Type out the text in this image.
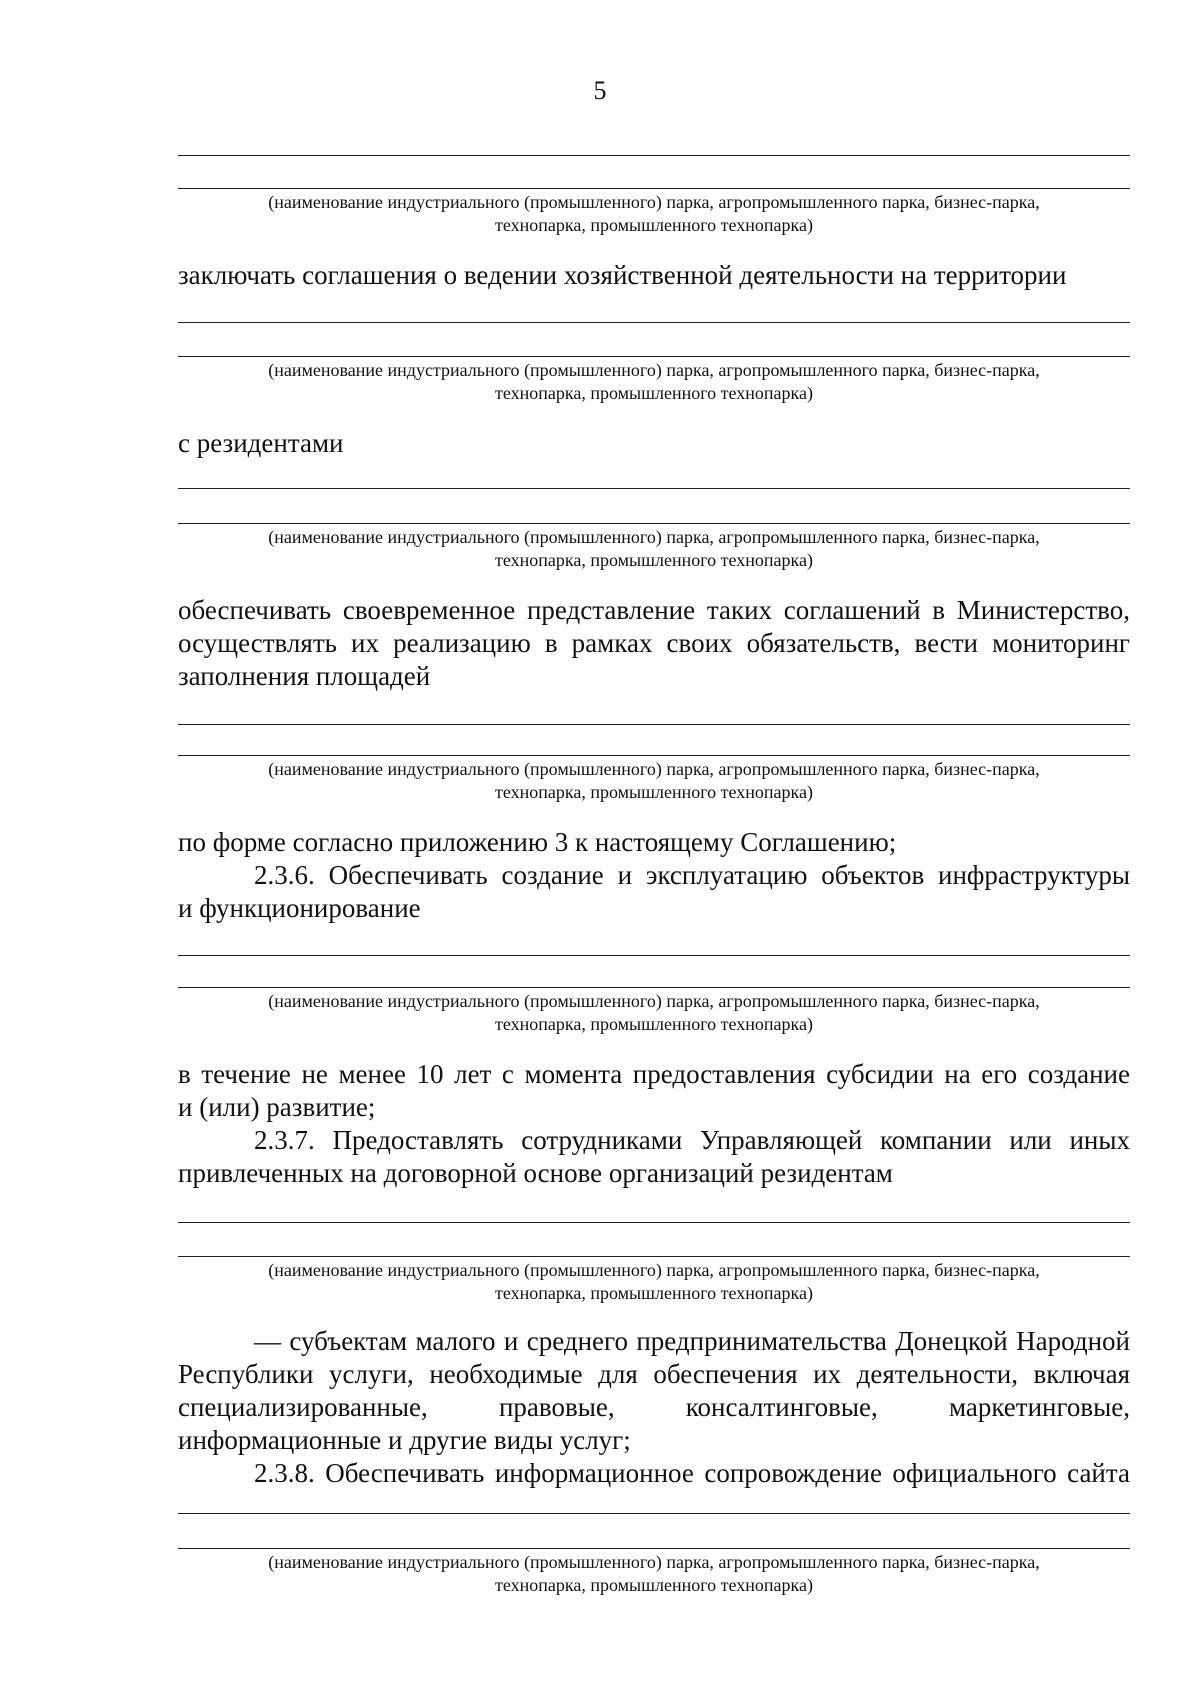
5
(наименование индустриального (промышленного) парка, агропромышленного парка, бизнес-парка,
технопарка, промышленного технопарка)
заключать соглашения о ведении хозяйственной деятельности на территории
(наименование индустриального (промышленного) парка, агропромышленного парка, бизнес-парка,
технопарка, промышленного технопарка)
с резидентами
(наименование индустриального (промышленного) парка, агропромышленного парка, бизнес-парка,
технопарка, промышленного технопарка)
обеспечивать своевременное представление таких соглашений в Министерство,
осуществлять их реализацию в рамках своих обязательств, вести мониторинг
заполнения площадей
(наименование индустриального (промышленного) парка, агропромышленного парка, бизнес-парка,
технопарка, промышленного технопарка)
по форме согласно приложению 3 к настоящему Соглашению;
2.3.6. Обеспечивать создание и эксплуатацию объектов инфраструктуры
и функционирование
(наименование индустриального (промышленного) парка, агропромышленного парка, бизнес-парка,
технопарка, промышленного технопарка)
в течение не менее 10 лет с момента предоставления субсидии на его создание
и (или) развитие;
2.3.7. Предоставлять сотрудниками Управляющей компании или иных
привлеченных на договорной основе организаций резидентам
(наименование индустриального (промышленного) парка, агропромышленного парка, бизнес-парка,
технопарка, промышленного технопарка)
— субъектам малого и среднего предпринимательства Донецкой Народной
Республики услуги, необходимые для обеспечения их деятельности, включая
специализированные, правовые, консалтинговые, маркетинговые,
информационные и другие виды услуг;
2.3.8. Обеспечивать информационное сопровождение официального сайта
(наименование индустриального (промышленного) парка, агропромышленного парка, бизнес-парка,
технопарка, промышленного технопарка)
